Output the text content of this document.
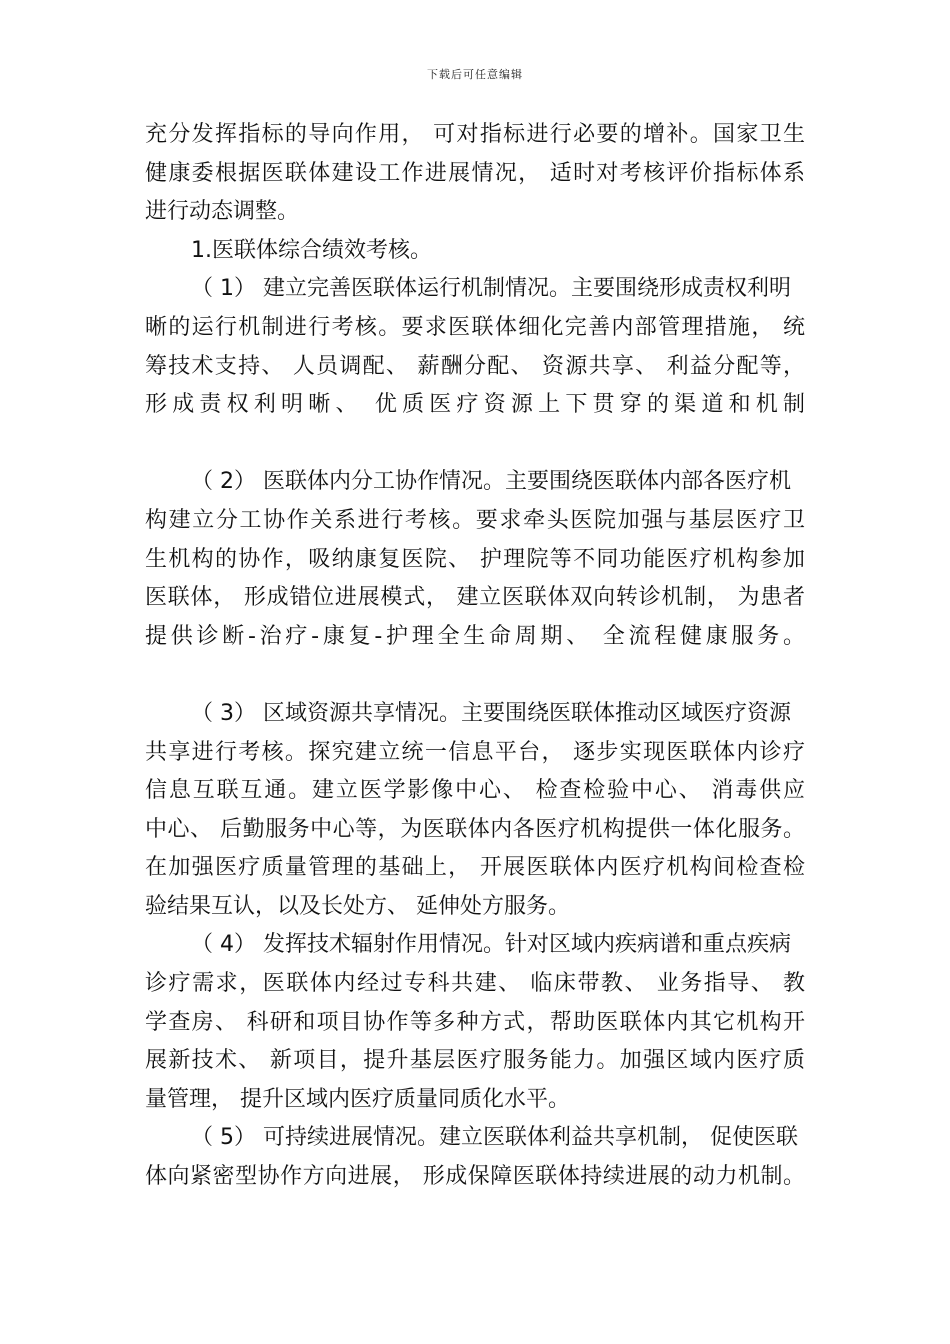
下载后可任意编辑
充分发挥指标的导向作用， 可对指标进行必要的增补。国家卫生
健康委根据医联体建设工作进展情况， 适时对考核评价指标体系
进行动态调整。
1.医联体综合绩效考核。
（ 1） 建立完善医联体运行机制情况。主要围绕形成责权利明
晰的运行机制进行考核。要求医联体细化完善内部管理措施， 统
筹技术支持、 人员调配、 薪酬分配、 资源共享、 利益分配等，
形成责权利明晰、 优质医疗资源上下贯穿的渠道和机制
（ 2） 医联体内分工协作情况。主要围绕医联体内部各医疗机
构建立分工协作关系进行考核。要求牵头医院加强与基层医疗卫
生机构的协作，吸纳康复医院、 护理院等不同功能医疗机构参加
医联体， 形成错位进展模式， 建立医联体双向转诊机制， 为患者
提供诊断-治疗-康复-护理全生命周期、 全流程健康服务。
（ 3） 区域资源共享情况。主要围绕医联体推动区域医疗资源
共享进行考核。探究建立统一信息平台， 逐步实现医联体内诊疗
信息互联互通。建立医学影像中心、 检查检验中心、 消毒供应
中心、 后勤服务中心等，为医联体内各医疗机构提供一体化服务。
在加强医疗质量管理的基础上， 开展医联体内医疗机构间检查检
验结果互认，以及长处方、 延伸处方服务。
（ 4） 发挥技术辐射作用情况。针对区域内疾病谱和重点疾病
诊疗需求，医联体内经过专科共建、 临床带教、 业务指导、 教
学查房、 科研和项目协作等多种方式，帮助医联体内其它机构开
展新技术、 新项目，提升基层医疗服务能力。加强区域内医疗质
量管理， 提升区域内医疗质量同质化水平。
（ 5） 可持续进展情况。建立医联体利益共享机制， 促使医联
体向紧密型协作方向进展， 形成保障医联体持续进展的动力机制。
